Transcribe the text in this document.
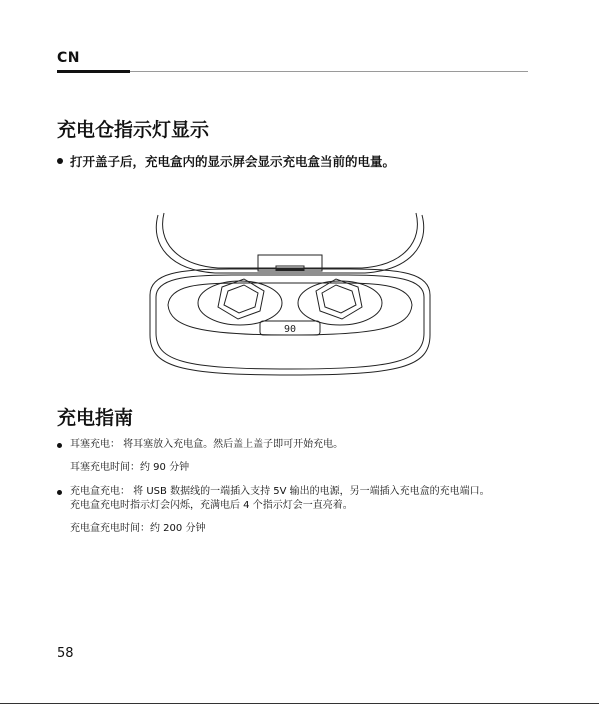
CN
充电仓指示灯显示
打开盖子后，充电盒内的显示屏会显示充电盒当前的电量。
90
充电指南
耳塞充电： 将耳塞放入充电盒。然后盖上盖子即可开始充电。
耳塞充电时间：约 90 分钟
充电盒充电： 将 USB 数据线的一端插入支持 5V 输出的电源，另一端插入充电盒的充电端口。
充电盒充电时指示灯会闪烁，充满电后 4 个指示灯会一直亮着。
充电盒充电时间：约 200 分钟
58
